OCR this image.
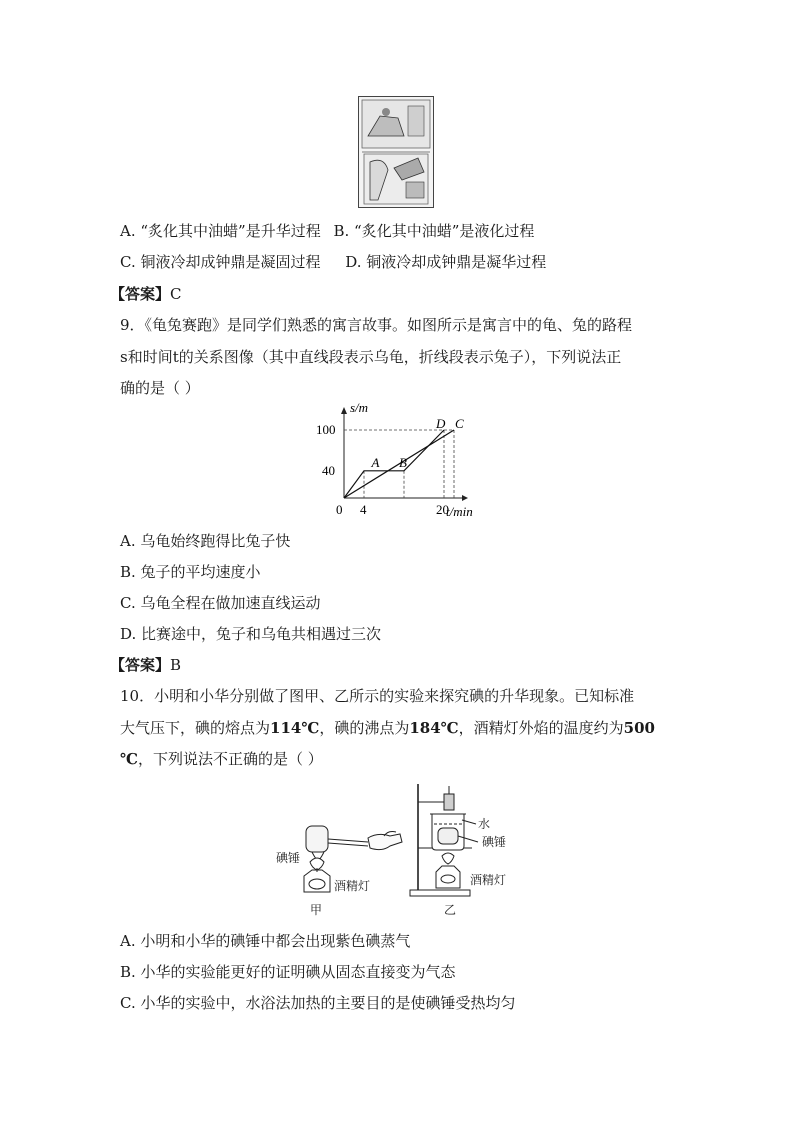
A. “炙化其中油蜡”是升华过程 B. “炙化其中油蜡”是液化过程
C. 铜液冷却成钟鼎是凝固过程 D. 铜液冷却成钟鼎是凝华过程
【答案】C
9．《龟兔赛跑》是同学们熟悉的寓言故事。如图所示是寓言中的龟、兔的路程
s和时间t的关系图像（其中直线段表示乌龟，折线段表示兔子），下列说法正
确的是（ ）
0 4	20
40
100
t/min
s/m
A B
D C
A. 乌龟始终跑得比兔子快
B. 兔子的平均速度小
C. 乌龟全程在做加速直线运动
D. 比赛途中，兔子和乌龟共相遇过三次
【答案】B
10．小明和小华分别做了图甲、乙所示的实验来探究碘的升华现象。已知标准
大气压下，碘的熔点为114℃，碘的沸点为184℃，酒精灯外焰的温度约为500
℃，下列说法不正确的是（ ）
碘锤
酒精灯
甲
水
碘锤
酒精灯
乙
A. 小明和小华的碘锤中都会出现紫色碘蒸气
B. 小华的实验能更好的证明碘从固态直接变为气态
C. 小华的实验中，水浴法加热的主要目的是使碘锤受热均匀
